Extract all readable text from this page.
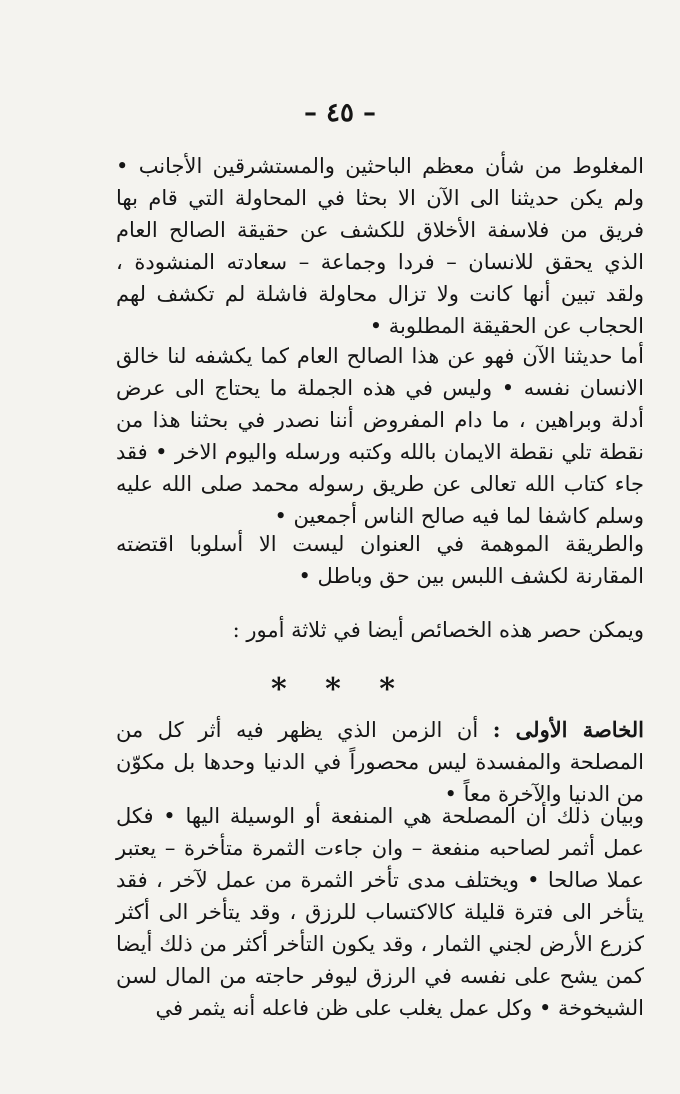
– ٤٥ –

المغلوط من شأن معظم الباحثين والمستشرقين الأجانب • ولم يكن حديثنا الى الآن الا بحثا في المحاولة التي قام بها فريق من فلاسفة الأخلاق للكشف عن حقيقة الصالح العام الذي يحقق للانسان – فردا وجماعة – سعادته المنشودة ، ولقد تبين أنها كانت ولا تزال محاولة فاشلة لم تكشف لهم الحجاب عن الحقيقة المطلوبة •

أما حديثنا الآن فهو عن هذا الصالح العام كما يكشفه لنا خالق الانسان نفسه • وليس في هذه الجملة ما يحتاج الى عرض أدلة وبراهين ، ما دام المفروض أننا نصدر في بحثنا هذا من نقطة تلي نقطة الايمان بالله وكتبه ورسله واليوم الاخر • فقد جاء كتاب الله تعالى عن طريق رسوله محمد صلى الله عليه وسلم كاشفا لما فيه صالح الناس أجمعين •

والطريقة الموهمة في العنوان ليست الا أسلوبا اقتضته المقارنة لكشف اللبس بين حق وباطل •

ويمكن حصر هذه الخصائص أيضا في ثلاثة أمور :

* * *

الخاصة الأولى : أن الزمن الذي يظهر فيه أثر كل من المصلحة والمفسدة ليس محصوراً في الدنيا وحدها بل مكوّن من الدنيا والآخرة معاً •

وبيان ذلك أن المصلحة هي المنفعة أو الوسيلة اليها • فكل عمل أثمر لصاحبه منفعة – وان جاءت الثمرة متأخرة – يعتبر عملا صالحا • ويختلف مدى تأخر الثمرة من عمل لآخر ، فقد يتأخر الى فترة قليلة كالاكتساب للرزق ، وقد يتأخر الى أكثر كزرع الأرض لجني الثمار ، وقد يكون التأخر أكثر من ذلك أيضا كمن يشح على نفسه في الرزق ليوفر حاجته من المال لسن الشيخوخة • وكل عمل يغلب على ظن فاعله أنه يثمر في
